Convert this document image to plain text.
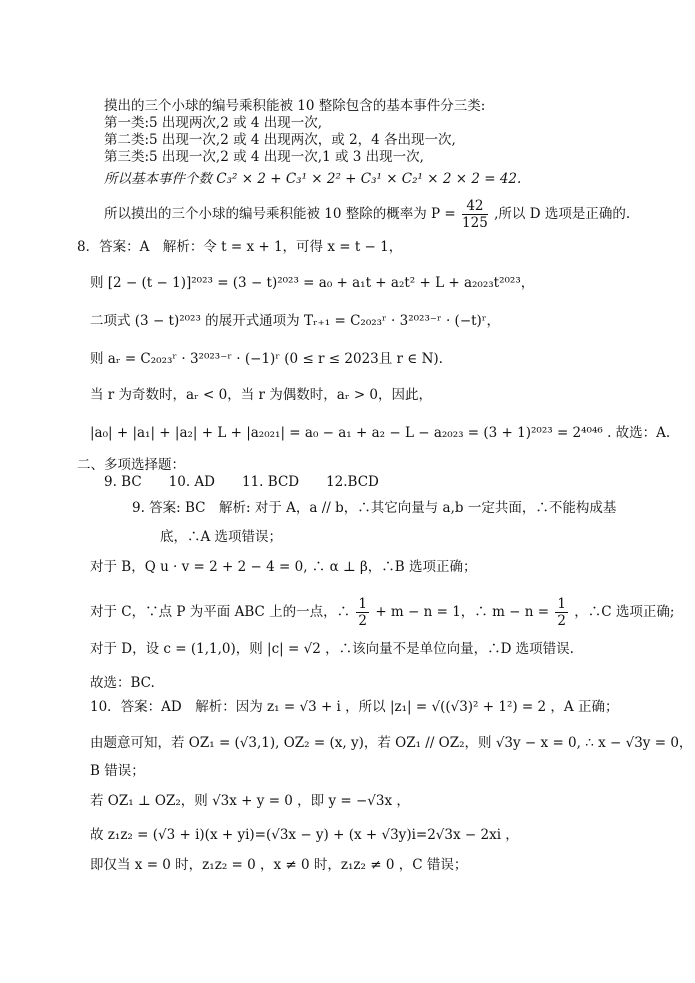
摸出的三个小球的编号乘积能被 10 整除包含的基本事件分三类:
第一类:5 出现两次,2 或 4 出现一次,
第二类:5 出现一次,2 或 4 出现两次，或 2，4 各出现一次,
第三类:5 出现一次,2 或 4 出现一次,1 或 3 出现一次,
所以基本事件个数 C₃² × 2 + C₃¹ × 2² + C₃¹ × C₂¹ × 2 × 2 = 42.
所以摸出的三个小球的编号乘积能被 10 整除的概率为 $P = \frac{42}{125}$ ,所以 D 选项是正确的.
8．答案：A　解析：令 t = x + 1，可得 x = t − 1，
则 [2 − (t − 1)]²⁰²³ = (3 − t)²⁰²³ = a₀ + a₁t + a₂t² + L + a₂₀₂₃t²⁰²³，
二项式 (3 − t)²⁰²³ 的展开式通项为 Tᵣ₊₁ = C₂₀₂₃ʳ · 3²⁰²³⁻ʳ · (−t)ʳ，
则 aᵣ = C₂₀₂₃ʳ · 3²⁰²³⁻ʳ · (−1)ʳ (0 ≤ r ≤ 2023且 r ∈ N).
当 r 为奇数时，aᵣ < 0，当 r 为偶数时，aᵣ > 0，因此，
|a₀| + |a₁| + |a₂| + L + |a₂₀₂₁| = a₀ − a₁ + a₂ − L − a₂₀₂₃ = (3 + 1)²⁰²³ = 2⁴⁰⁴⁶ . 故选：A.
二、多项选择题：
9. BC　　10. AD　　11. BCD　　12.BCD
9. 答案: BC　解析: 对于 A，a // b，∴其它向量与 a,b 一定共面，∴不能构成基
底，∴A 选项错误；
对于 B，Q u · v = 2 + 2 − 4 = 0, ∴ α ⊥ β，∴B 选项正确；
对于 C，∵点 P 为平面 ABC 上的一点，∴ $\frac{1}{2} + m - n = 1$，∴ $m - n = \frac{1}{2}$ ，∴C 选项正确;
对于 D，设 c = (1,1,0)，则 |c| = √2 ，∴该向量不是单位向量，∴D 选项错误.
故选：BC.
10．答案：AD　解析：因为 z₁ = √3 + i ，所以 |z₁| = √((√3)² + 1²) = 2 ，A 正确；
由题意可知，若 OZ₁ = (√3,1), OZ₂ = (x, y)，若 OZ₁ // OZ₂，则 √3y − x = 0, ∴ x − √3y = 0，
B 错误；
若 OZ₁ ⊥ OZ₂，则 √3x + y = 0 ，即 y = −√3x ，
故 z₁z₂ = (√3 + i)(x + yi)=(√3x − y) + (x + √3y)i=2√3x − 2xi ，
即仅当 x = 0 时，z₁z₂ = 0 ，x ≠ 0 时，z₁z₂ ≠ 0 ，C 错误；
